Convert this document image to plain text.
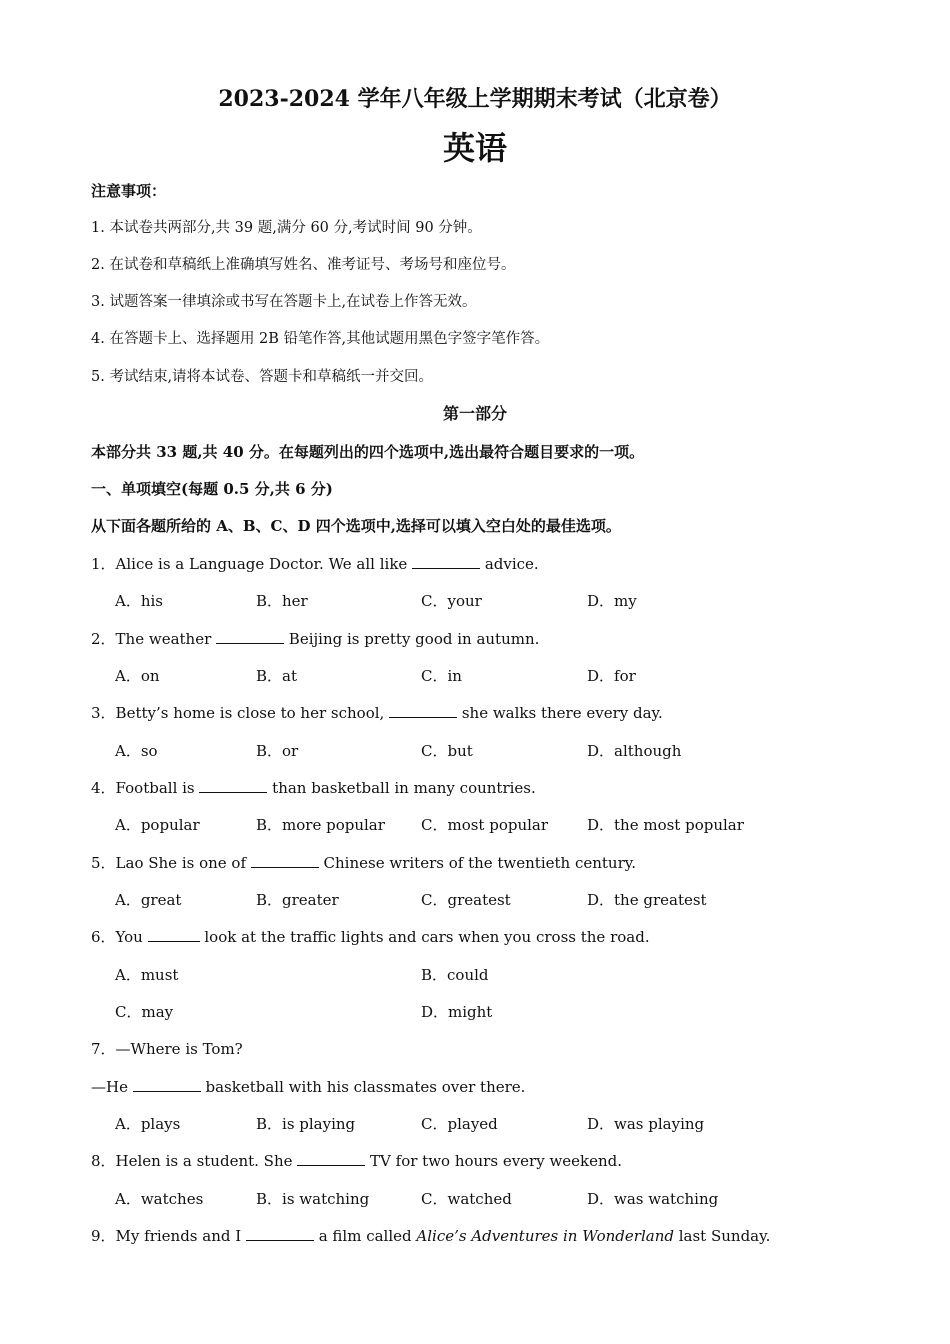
2023-2024 学年八年级上学期期末考试（北京卷）
英语
注意事项：
1. 本试卷共两部分,共 39 题,满分 60 分,考试时间 90 分钟。
2. 在试卷和草稿纸上准确填写姓名、准考证号、考场号和座位号。
3. 试题答案一律填涂或书写在答题卡上,在试卷上作答无效。
4. 在答题卡上、选择题用 2B 铅笔作答,其他试题用黑色字签字笔作答。
5. 考试结束,请将本试卷、答题卡和草稿纸一并交回。
第一部分
本部分共 33 题,共 40 分。在每题列出的四个选项中,选出最符合题目要求的一项。
一、单项填空(每题 0.5 分,共 6 分)
从下面各题所给的 A、B、C、D 四个选项中,选择可以填入空白处的最佳选项。
1．Alice is a Language Doctor. We all like	advice.
A．his	B．her	C．your	D．my
2．The weather	Beijing is pretty good in autumn.
A．on	B．at	C．in	D．for
3．Betty’s home is close to her school,	she walks there every day.
A．so	B．or	C．but	D．although
4．Football is	than basketball in many countries.
A．popular	B．more popular C．most popular	D．the most popular
5．Lao She is one of	Chinese writers of the twentieth century.
A．great	B．greater	C．greatest	D．the greatest
6．You	look at the traffic lights and cars when you cross the road.
A．must	B．could
C．may	D．might
7．—Where is Tom?
—He	basketball with his classmates over there.
A．plays	B．is playing	C．played	D．was playing
8．Helen is a student. She	TV for two hours every weekend.
A．watches	B．is watching	C．watched	D．was watching
9．My friends and I	a film called Alice’s Adventures in Wonderland last Sunday.
